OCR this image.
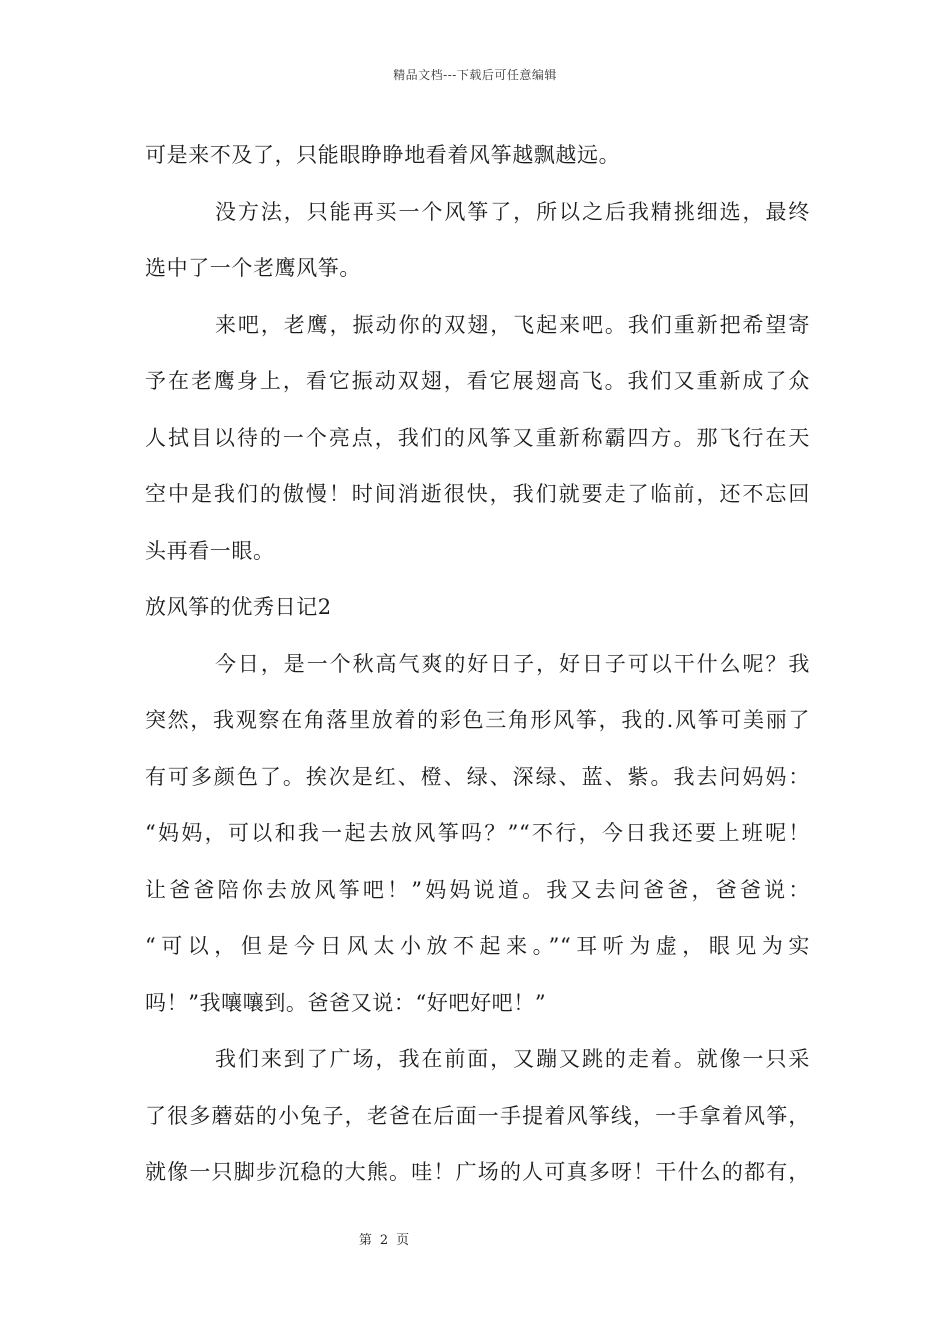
精品文档---下载后可任意编辑
可是来不及了，只能眼睁睁地看着风筝越飘越远。
没方法，只能再买一个风筝了，所以之后我精挑细选，最终
选中了一个老鹰风筝。
来吧，老鹰，振动你的双翅，飞起来吧。我们重新把希望寄
予在老鹰身上，看它振动双翅，看它展翅高飞。我们又重新成了众
人拭目以待的一个亮点，我们的风筝又重新称霸四方。那飞行在天
空中是我们的傲慢！时间消逝很快，我们就要走了临前，还不忘回
头再看一眼。
放风筝的优秀日记2
今日，是一个秋高气爽的好日子，好日子可以干什么呢？我
突然，我观察在角落里放着的彩色三角形风筝，我的.风筝可美丽了
有可多颜色了。挨次是红、橙、绿、深绿、蓝、紫。我去问妈妈：
“妈妈，可以和我一起去放风筝吗？”“不行，今日我还要上班呢！
让爸爸陪你去放风筝吧！”妈妈说道。我又去问爸爸，爸爸说：
“可以，但是今日风太小放不起来。”“耳听为虚，眼见为实
吗！”我嚷嚷到。爸爸又说：“好吧好吧！”
我们来到了广场，我在前面，又蹦又跳的走着。就像一只采
了很多蘑菇的小兔子，老爸在后面一手提着风筝线，一手拿着风筝，
就像一只脚步沉稳的大熊。哇！广场的人可真多呀！干什么的都有，
第 2 页
